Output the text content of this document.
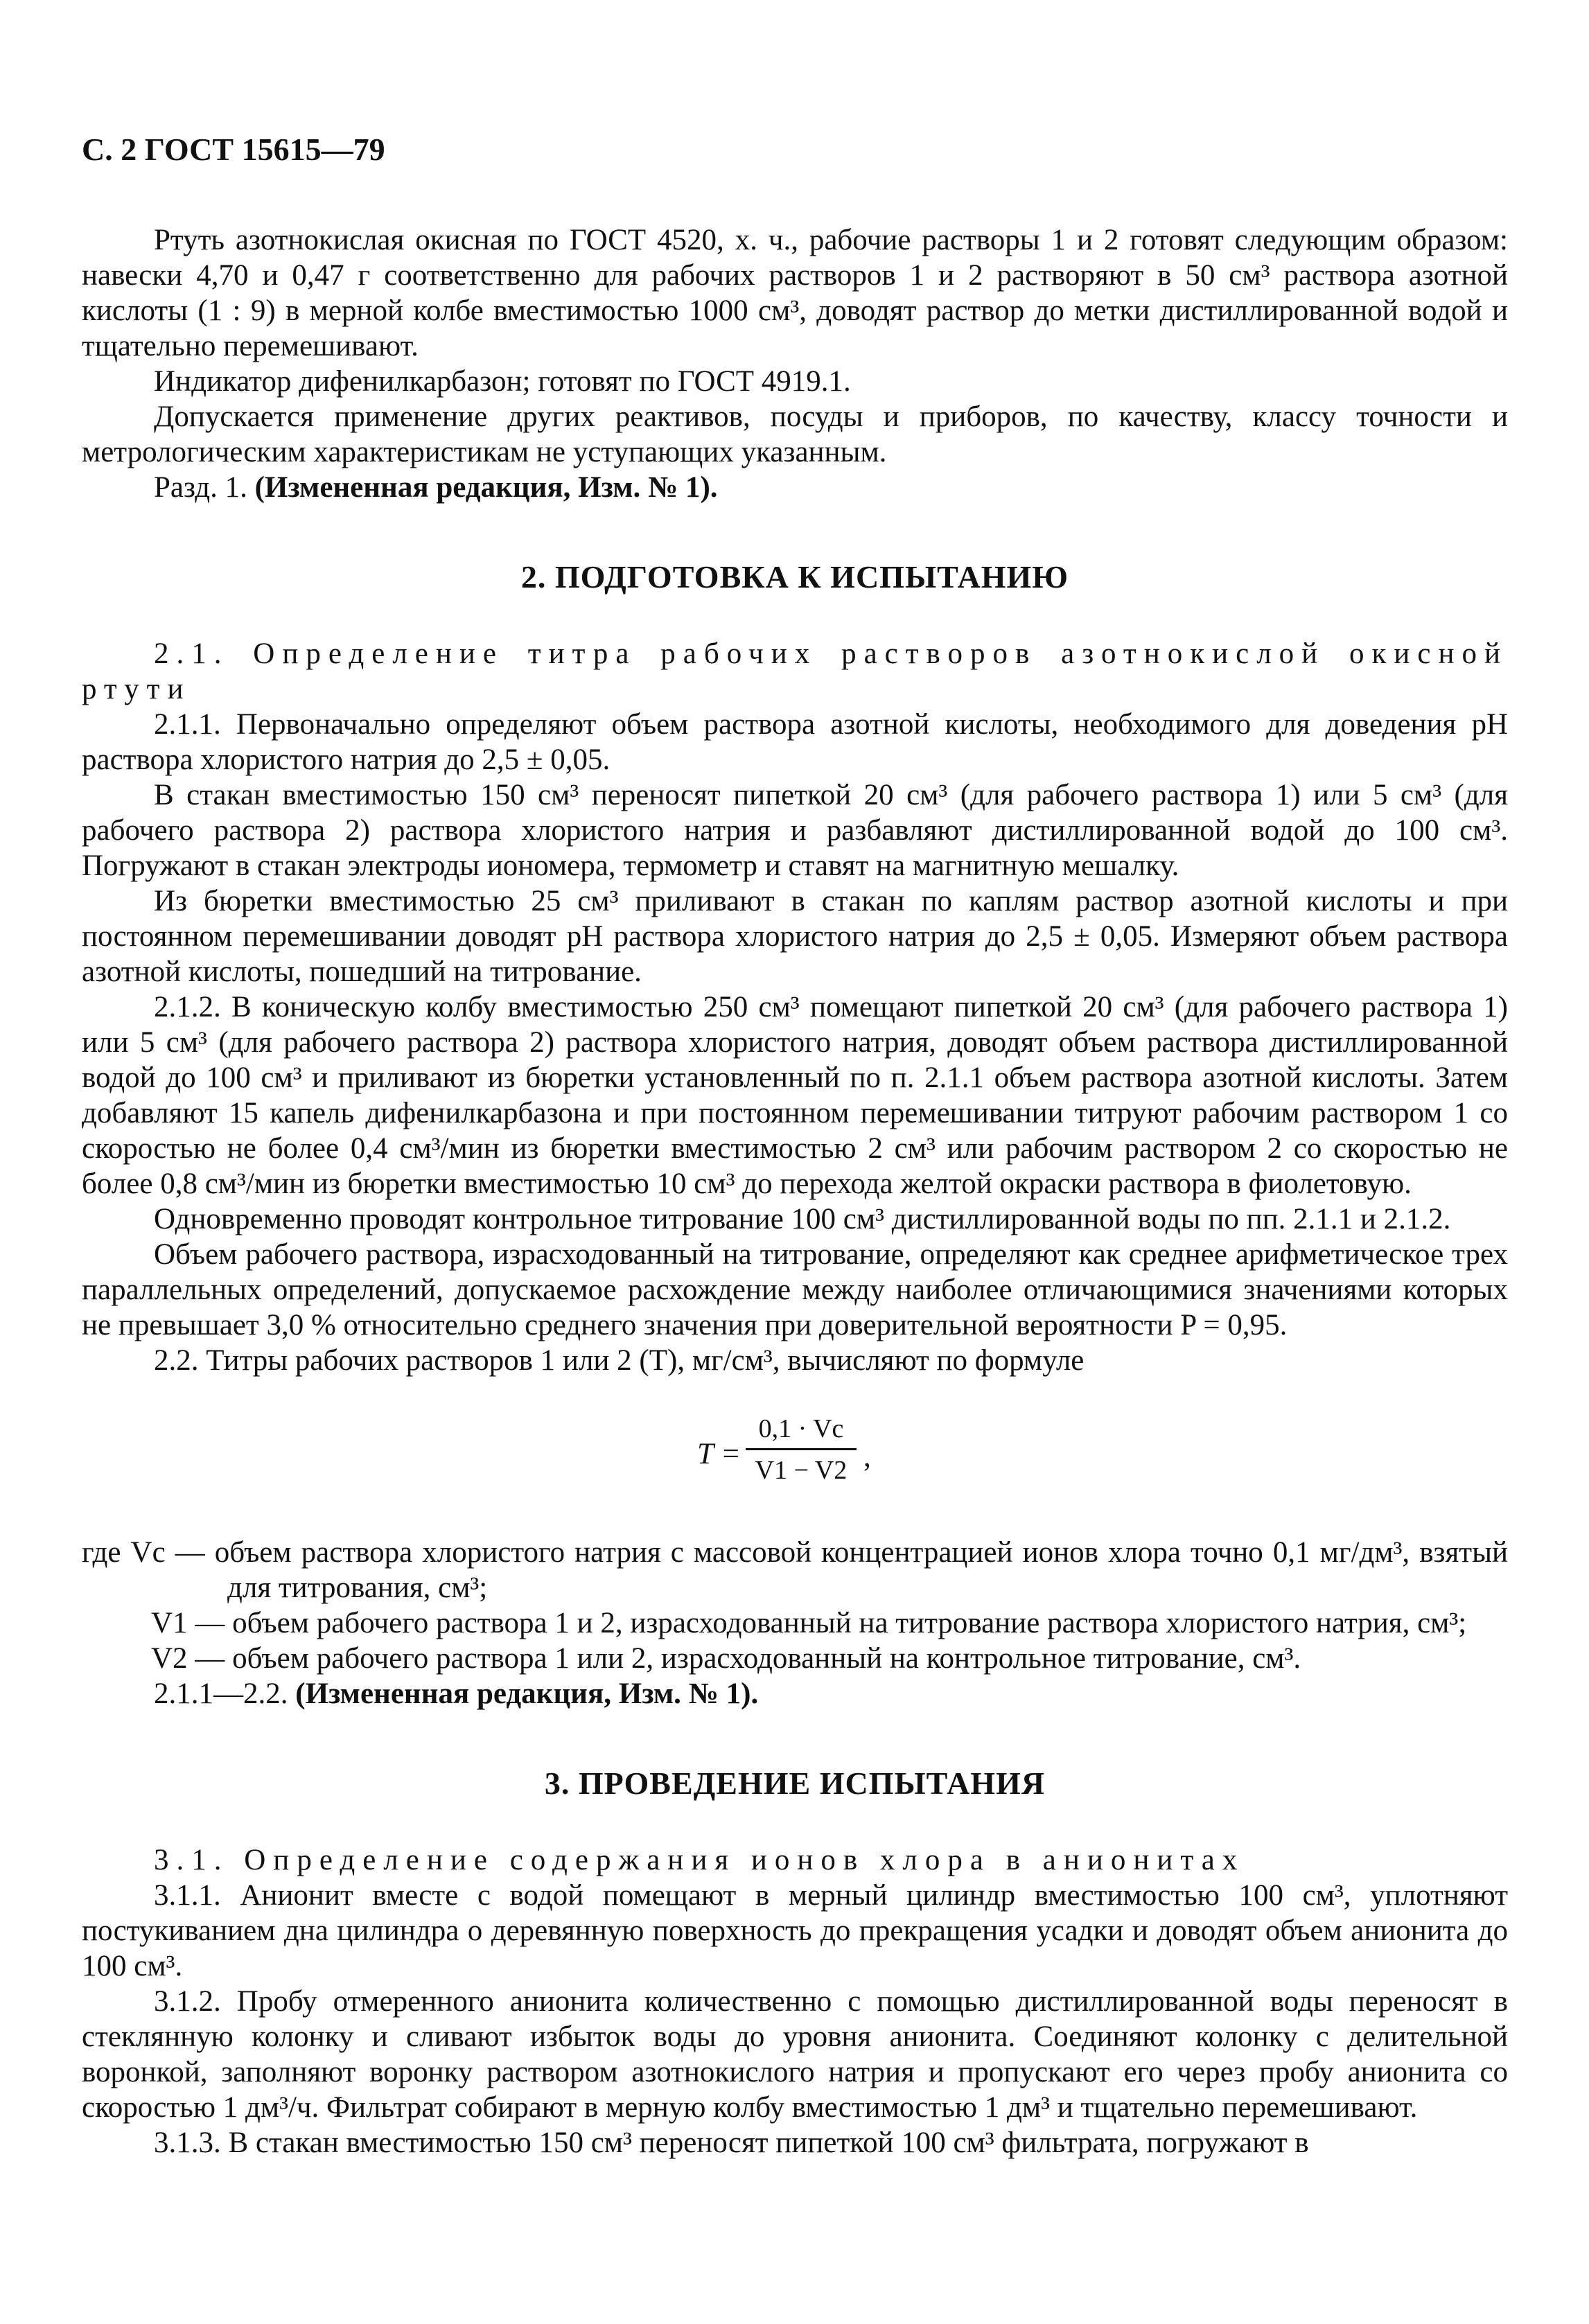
С. 2 ГОСТ 15615—79

Ртуть азотнокислая окисная по ГОСТ 4520, х. ч., рабочие растворы 1 и 2 готовят следующим образом: навески 4,70 и 0,47 г соответственно для рабочих растворов 1 и 2 растворяют в 50 см³ раствора азотной кислоты (1 : 9) в мерной колбе вместимостью 1000 см³, доводят раствор до метки дистиллированной водой и тщательно перемешивают.

Индикатор дифенилкарбазон; готовят по ГОСТ 4919.1.

Допускается применение других реактивов, посуды и приборов, по качеству, классу точности и метрологическим характеристикам не уступающих указанным.

Разд. 1. (Измененная редакция, Изм. № 1).

2. ПОДГОТОВКА К ИСПЫТАНИЮ

2.1. Определение титра рабочих растворов азотнокислой окисной ртути

2.1.1. Первоначально определяют объем раствора азотной кислоты, необходимого для доведения pH раствора хлористого натрия до 2,5 ± 0,05.

В стакан вместимостью 150 см³ переносят пипеткой 20 см³ (для рабочего раствора 1) или 5 см³ (для рабочего раствора 2) раствора хлористого натрия и разбавляют дистиллированной водой до 100 см³. Погружают в стакан электроды иономера, термометр и ставят на магнитную мешалку.

Из бюретки вместимостью 25 см³ приливают в стакан по каплям раствор азотной кислоты и при постоянном перемешивании доводят pH раствора хлористого натрия до 2,5 ± 0,05. Измеряют объем раствора азотной кислоты, пошедший на титрование.

2.1.2. В коническую колбу вместимостью 250 см³ помещают пипеткой 20 см³ (для рабочего раствора 1) или 5 см³ (для рабочего раствора 2) раствора хлористого натрия, доводят объем раствора дистиллированной водой до 100 см³ и приливают из бюретки установленный по п. 2.1.1 объем раствора азотной кислоты. Затем добавляют 15 капель дифенилкарбазона и при постоянном перемешивании титруют рабочим раствором 1 со скоростью не более 0,4 см³/мин из бюретки вместимостью 2 см³ или рабочим раствором 2 со скоростью не более 0,8 см³/мин из бюретки вместимостью 10 см³ до перехода желтой окраски раствора в фиолетовую.

Одновременно проводят контрольное титрование 100 см³ дистиллированной воды по пп. 2.1.1 и 2.1.2.

Объем рабочего раствора, израсходованный на титрование, определяют как среднее арифметическое трех параллельных определений, допускаемое расхождение между наиболее отличающимися значениями которых не превышает 3,0 % относительно среднего значения при доверительной вероятности P = 0,95.

2.2. Титры рабочих растворов 1 или 2 (T), мг/см³, вычисляют по формуле

$T = \frac{0,1 \cdot Vc}{V1 - V2}$ ,

где Vc — объем раствора хлористого натрия с массовой концентрацией ионов хлора точно 0,1 мг/дм³, взятый для титрования, см³;

V1 — объем рабочего раствора 1 и 2, израсходованный на титрование раствора хлористого натрия, см³;

V2 — объем рабочего раствора 1 или 2, израсходованный на контрольное титрование, см³.

2.1.1—2.2. (Измененная редакция, Изм. № 1).

3. ПРОВЕДЕНИЕ ИСПЫТАНИЯ

3.1. Определение содержания ионов хлора в анионитах

3.1.1. Анионит вместе с водой помещают в мерный цилиндр вместимостью 100 см³, уплотняют постукиванием дна цилиндра о деревянную поверхность до прекращения усадки и доводят объем анионита до 100 см³.

3.1.2. Пробу отмеренного анионита количественно с помощью дистиллированной воды переносят в стеклянную колонку и сливают избыток воды до уровня анионита. Соединяют колонку с делительной воронкой, заполняют воронку раствором азотнокислого натрия и пропускают его через пробу анионита со скоростью 1 дм³/ч. Фильтрат собирают в мерную колбу вместимостью 1 дм³ и тщательно перемешивают.

3.1.3. В стакан вместимостью 150 см³ переносят пипеткой 100 см³ фильтрата, погружают в
